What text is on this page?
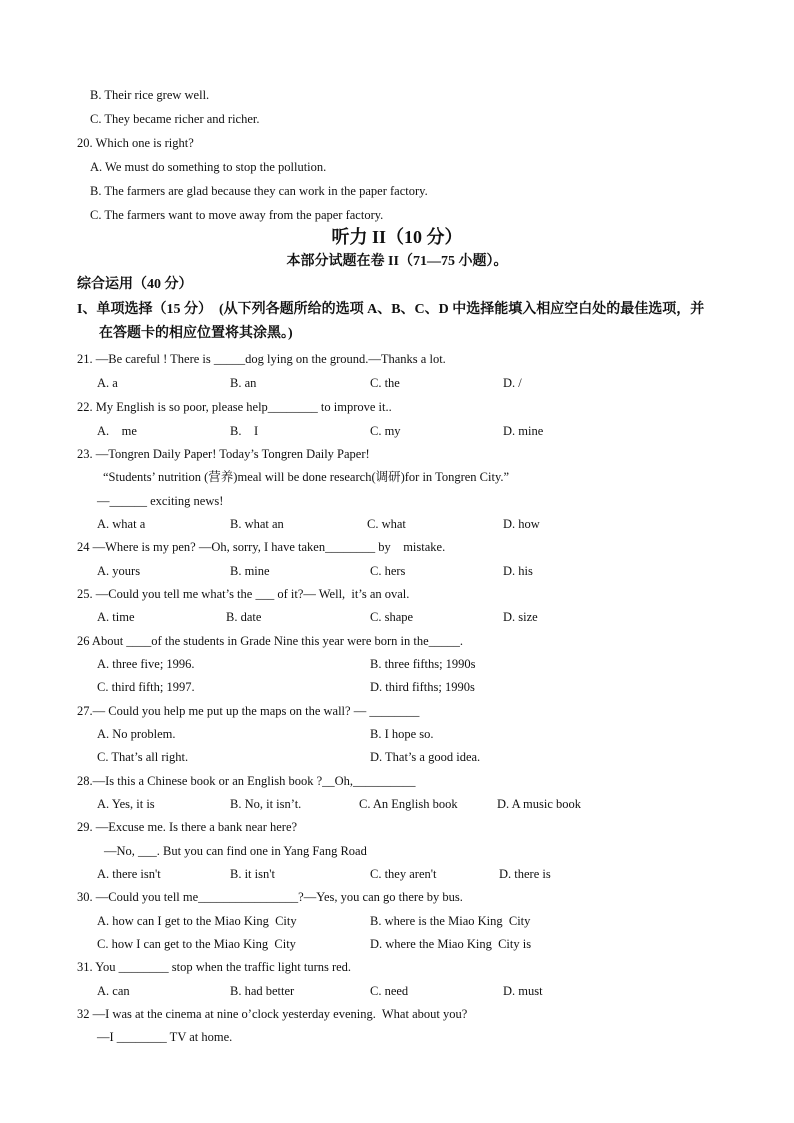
B. Their rice grew well.
C. They became richer and richer.
20. Which one is right?
A. We must do something to stop the pollution.
B. The farmers are glad because they can work in the paper factory.
C. The farmers want to move away from the paper factory.
听力 II（10 分）
本部分试题在卷 II（71—75 小题）。
综合运用（40 分）
I、单项选择（15 分）  (从下列各题所给的选项 A、B、C、D 中选择能填入相应空白处的最佳选项，并
在答题卡的相应位置将其涂黑。)
21. —Be careful ! There is _____dog lying on the ground.—Thanks a lot.
A. a	B. an	C. the	D. /
22. My English is so poor, please help________ to improve it..
A.    me	B.    I	C. my	D. mine
23. —Tongren Daily Paper! Today’s Tongren Daily Paper!
“Students’ nutrition (营养)meal will be done research(调研)for in Tongren City.”
—______ exciting news!
A. what a	B. what an	C. what	D. how
24 —Where is my pen? —Oh, sorry, I have taken________ by    mistake.
A. yours	B. mine	C. hers	D. his
25. —Could you tell me what’s the ___ of it?— Well,  it’s an oval.
A. time	B. date	C. shape	D. size
26 About ____of the students in Grade Nine this year were born in the_____.
A. three five; 1996.	B. three fifths; 1990s
C. third fifth; 1997.	D. third fifths; 1990s
27.— Could you help me put up the maps on the wall? — ________
A. No problem.	B. I hope so.
C. That’s all right.	D. That’s a good idea.
28.—Is this a Chinese book or an English book ?__Oh,__________
A. Yes, it is	B. No, it isn’t.	C. An English book	D. A music book
29. —Excuse me. Is there a bank near here?
—No, ___. But you can find one in Yang Fang Road
A. there isn't	B. it isn't	C. they aren't	D. there is
30. —Could you tell me________________?—Yes, you can go there by bus.
A. how can I get to the Miao King  City	B. where is the Miao King  City
C. how I can get to the Miao King  City	D. where the Miao King  City is
31. You ________ stop when the traffic light turns red.
A. can	B. had better	C. need	D. must
32 —I was at the cinema at nine o’clock yesterday evening.  What about you?
—I ________ TV at home.
